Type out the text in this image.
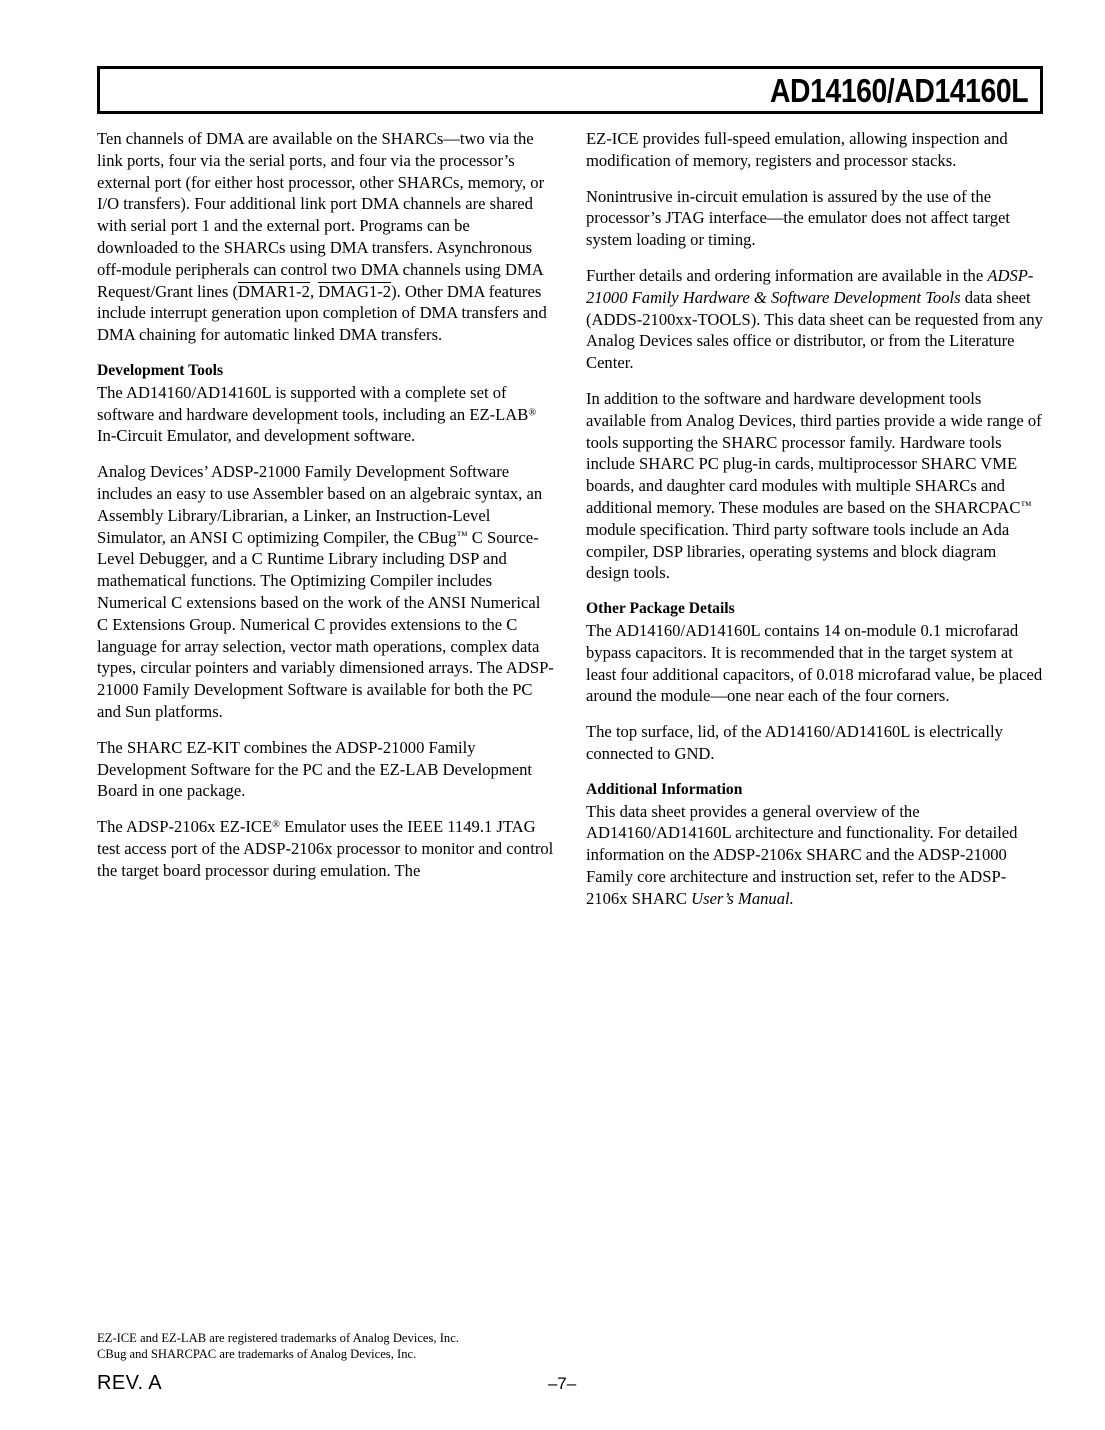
AD14160/AD14160L

Ten channels of DMA are available on the SHARCs—two via the link ports, four via the serial ports, and four via the processor’s external port (for either host processor, other SHARCs, memory, or I/O transfers). Four additional link port DMA channels are shared with serial port 1 and the external port. Programs can be downloaded to the SHARCs using DMA transfers. Asynchronous off-module peripherals can control two DMA channels using DMA Request/Grant lines (DMAR1-2, DMAG1-2). Other DMA features include interrupt generation upon completion of DMA transfers and DMA chaining for automatic linked DMA transfers.

Development Tools

The AD14160/AD14160L is supported with a complete set of software and hardware development tools, including an EZ-LAB® In-Circuit Emulator, and development software.

Analog Devices’ ADSP-21000 Family Development Software includes an easy to use Assembler based on an algebraic syntax, an Assembly Library/Librarian, a Linker, an Instruction-Level Simulator, an ANSI C optimizing Compiler, the CBug™ C Source-Level Debugger, and a C Runtime Library including DSP and mathematical functions. The Optimizing Compiler includes Numerical C extensions based on the work of the ANSI Numerical C Extensions Group. Numerical C provides extensions to the C language for array selection, vector math operations, complex data types, circular pointers and variably dimensioned arrays. The ADSP-21000 Family Development Software is available for both the PC and Sun platforms.

The SHARC EZ-KIT combines the ADSP-21000 Family Development Software for the PC and the EZ-LAB Development Board in one package.

The ADSP-2106x EZ-ICE® Emulator uses the IEEE 1149.1 JTAG test access port of the ADSP-2106x processor to monitor and control the target board processor during emulation. The

EZ-ICE provides full-speed emulation, allowing inspection and modification of memory, registers and processor stacks.

Nonintrusive in-circuit emulation is assured by the use of the processor’s JTAG interface—the emulator does not affect target system loading or timing.

Further details and ordering information are available in the ADSP-21000 Family Hardware & Software Development Tools data sheet (ADDS-2100xx-TOOLS). This data sheet can be requested from any Analog Devices sales office or distributor, or from the Literature Center.

In addition to the software and hardware development tools available from Analog Devices, third parties provide a wide range of tools supporting the SHARC processor family. Hardware tools include SHARC PC plug-in cards, multiprocessor SHARC VME boards, and daughter card modules with multiple SHARCs and additional memory. These modules are based on the SHARCPAC™ module specification. Third party software tools include an Ada compiler, DSP libraries, operating systems and block diagram design tools.

Other Package Details

The AD14160/AD14160L contains 14 on-module 0.1 microfarad bypass capacitors. It is recommended that in the target system at least four additional capacitors, of 0.018 microfarad value, be placed around the module—one near each of the four corners.

The top surface, lid, of the AD14160/AD14160L is electrically connected to GND.

Additional Information

This data sheet provides a general overview of the AD14160/AD14160L architecture and functionality. For detailed information on the ADSP-2106x SHARC and the ADSP-21000 Family core architecture and instruction set, refer to the ADSP-2106x SHARC User’s Manual.

EZ-ICE and EZ-LAB are registered trademarks of Analog Devices, Inc.
CBug and SHARCPAC are trademarks of Analog Devices, Inc.
REV. A	–7–
